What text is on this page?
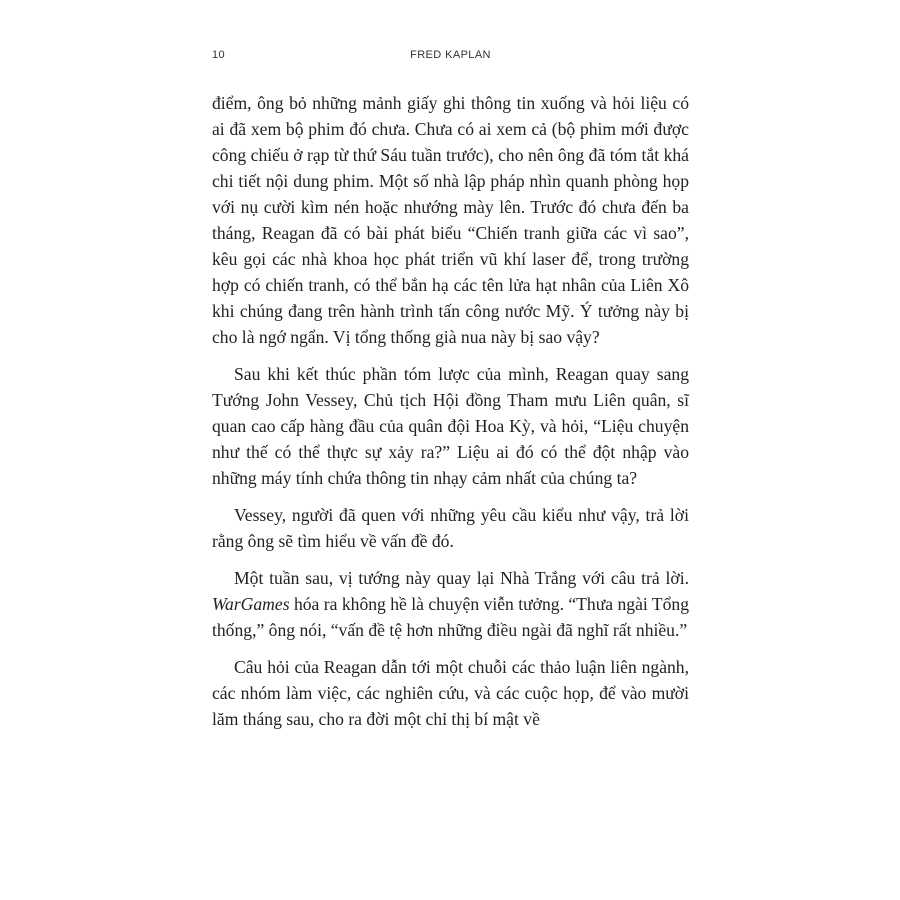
10	FRED KAPLAN

điểm, ông bỏ những mảnh giấy ghi thông tin xuống và hỏi liệu có ai đã xem bộ phim đó chưa. Chưa có ai xem cả (bộ phim mới được công chiếu ở rạp từ thứ Sáu tuần trước), cho nên ông đã tóm tắt khá chi tiết nội dung phim. Một số nhà lập pháp nhìn quanh phòng họp với nụ cười kìm nén hoặc nhướng mày lên. Trước đó chưa đến ba tháng, Reagan đã có bài phát biểu “Chiến tranh giữa các vì sao”, kêu gọi các nhà khoa học phát triển vũ khí laser để, trong trường hợp có chiến tranh, có thể bắn hạ các tên lửa hạt nhân của Liên Xô khi chúng đang trên hành trình tấn công nước Mỹ. Ý tưởng này bị cho là ngớ ngẩn. Vị tổng thống già nua này bị sao vậy?

Sau khi kết thúc phần tóm lược của mình, Reagan quay sang Tướng John Vessey, Chủ tịch Hội đồng Tham mưu Liên quân, sĩ quan cao cấp hàng đầu của quân đội Hoa Kỳ, và hỏi, “Liệu chuyện như thế có thể thực sự xảy ra?” Liệu ai đó có thể đột nhập vào những máy tính chứa thông tin nhạy cảm nhất của chúng ta?

Vessey, người đã quen với những yêu cầu kiểu như vậy, trả lời rằng ông sẽ tìm hiểu về vấn đề đó.

Một tuần sau, vị tướng này quay lại Nhà Trắng với câu trả lời. WarGames hóa ra không hề là chuyện viễn tưởng. “Thưa ngài Tổng thống,” ông nói, “vấn đề tệ hơn những điều ngài đã nghĩ rất nhiều.”

Câu hỏi của Reagan dẫn tới một chuỗi các thảo luận liên ngành, các nhóm làm việc, các nghiên cứu, và các cuộc họp, để vào mười lăm tháng sau, cho ra đời một chỉ thị bí mật về
